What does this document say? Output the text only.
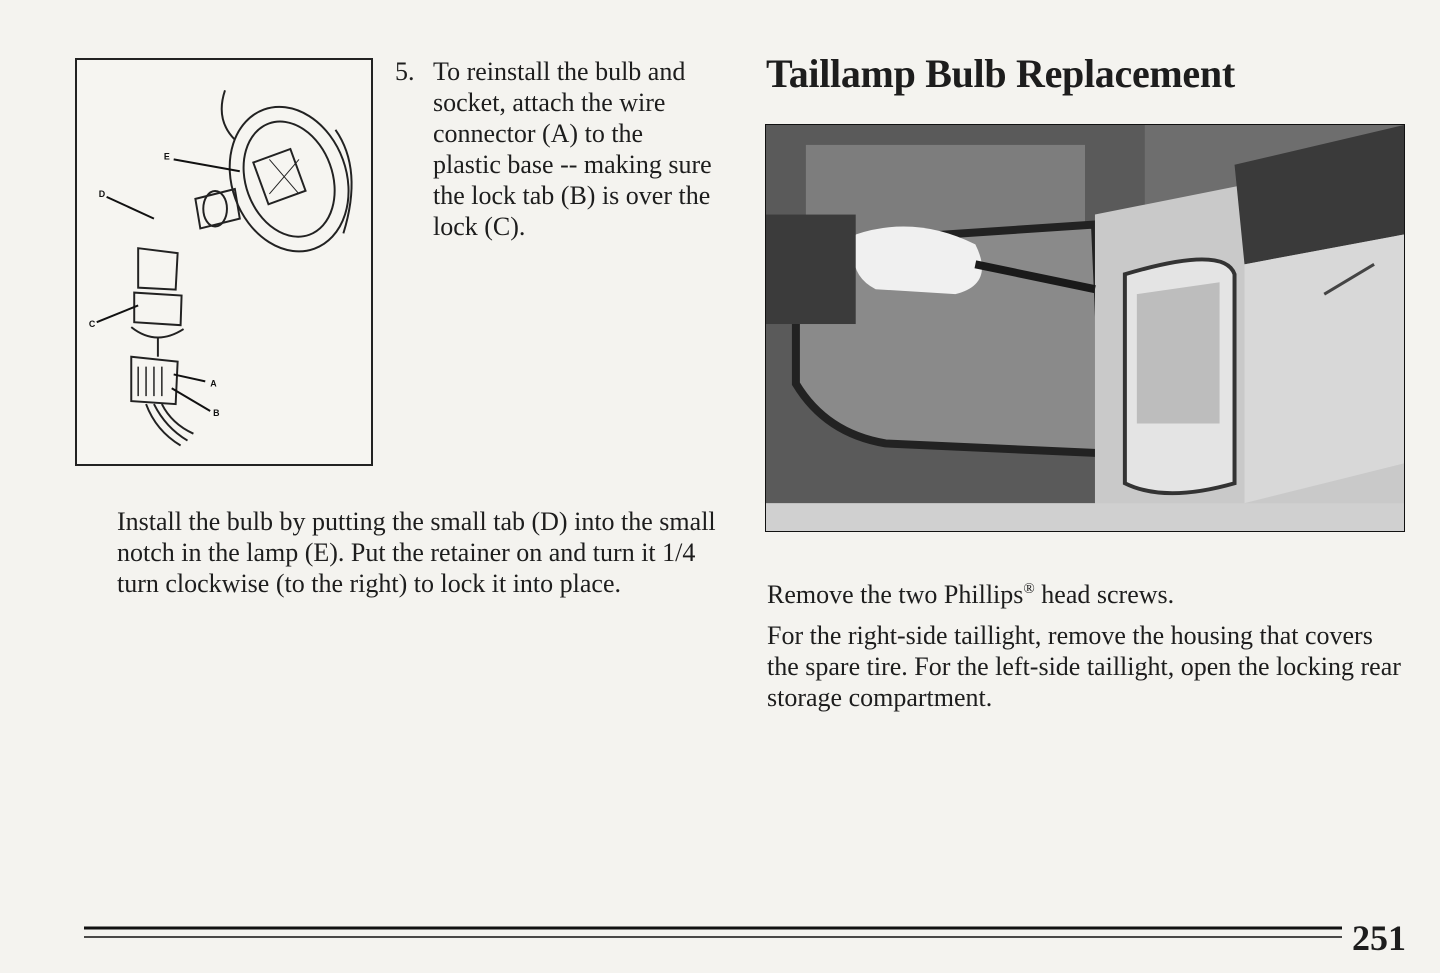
E
D
C
A
B
5. To reinstall the bulb and socket, attach the wire connector (A) to the plastic base -- making sure the lock tab (B) is over the lock (C).

Install the bulb by putting the small tab (D) into the small notch in the lamp (E). Put the retainer on and turn it 1/4 turn clockwise (to the right) to lock it into place.

Taillamp Bulb Replacement

Remove the two Phillips® head screws.

For the right-side taillight, remove the housing that covers the spare tire. For the left-side taillight, open the locking rear storage compartment.

251
